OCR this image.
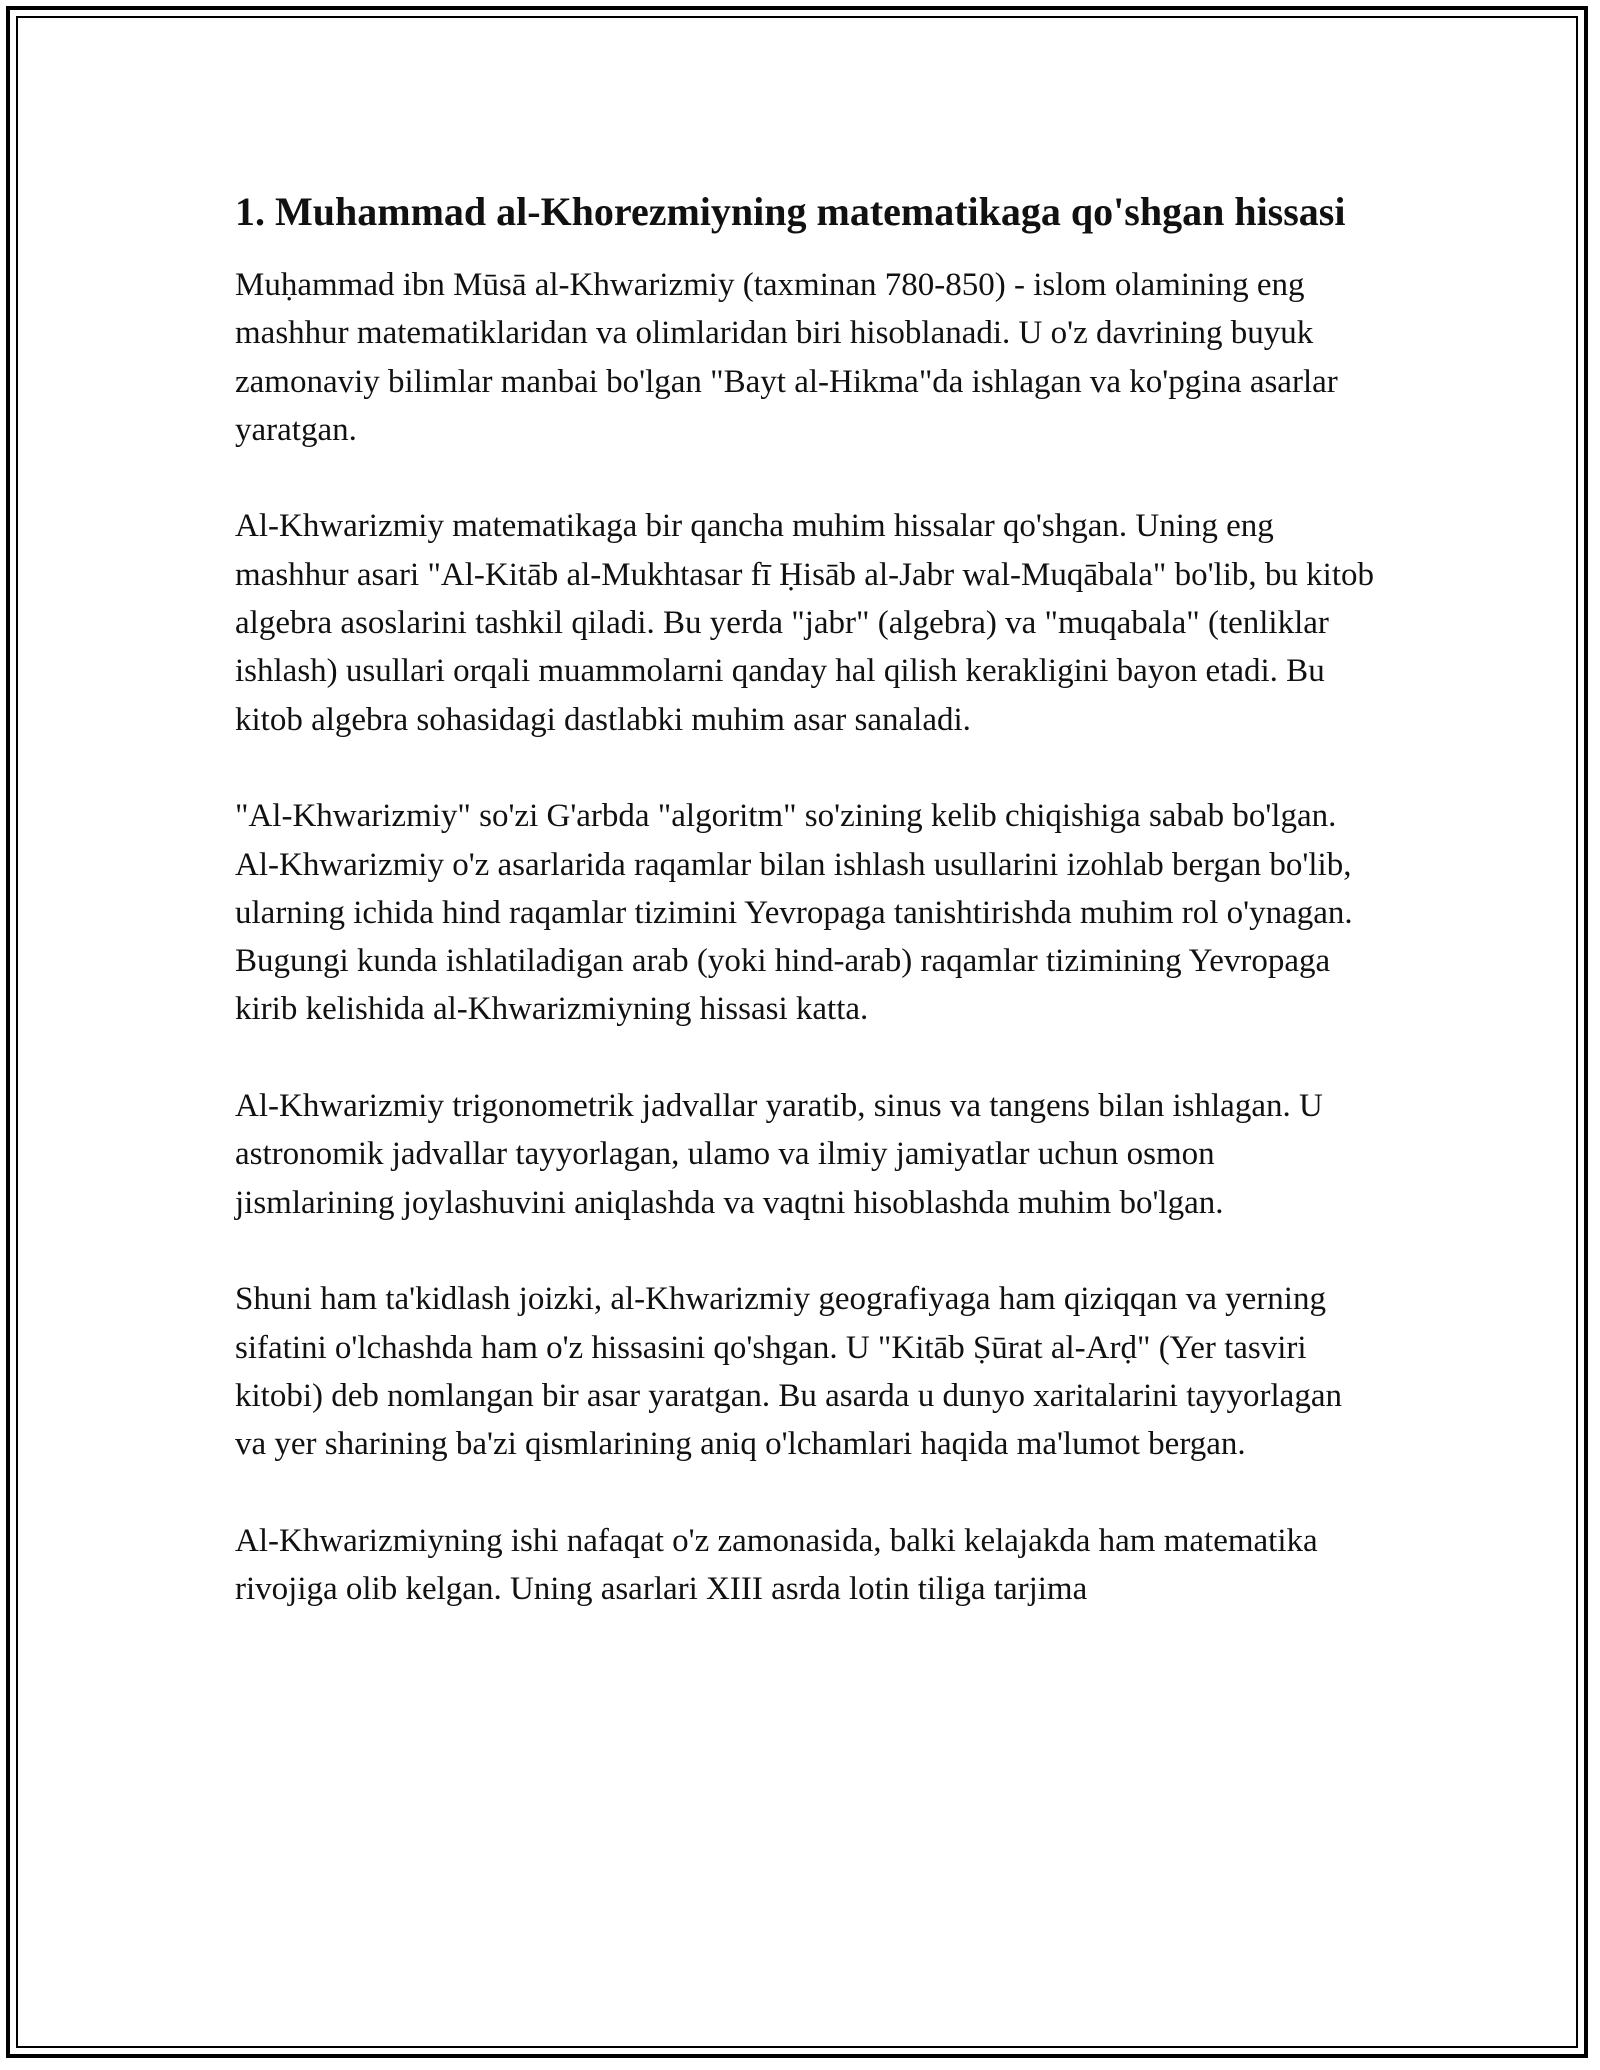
1. Muhammad al-Khorezmiyning matematikaga qo'shgan hissasi

Muḥammad ibn Mūsā al-Khwarizmiy (taxminan 780-850) - islom olamining eng mashhur matematiklaridan va olimlaridan biri hisoblanadi. U o'z davrining buyuk zamonaviy bilimlar manbai bo'lgan "Bayt al-Hikma"da ishlagan va ko'pgina asarlar yaratgan.

Al-Khwarizmiy matematikaga bir qancha muhim hissalar qo'shgan. Uning eng mashhur asari "Al-Kitāb al-Mukhtasar fī Ḥisāb al-Jabr wal-Muqābala" bo'lib, bu kitob algebra asoslarini tashkil qiladi. Bu yerda "jabr" (algebra) va "muqabala" (tenliklar ishlash) usullari orqali muammolarni qanday hal qilish kerakligini bayon etadi. Bu kitob algebra sohasidagi dastlabki muhim asar sanaladi.

"Al-Khwarizmiy" so'zi G'arbda "algoritm" so'zining kelib chiqishiga sabab bo'lgan. Al-Khwarizmiy o'z asarlarida raqamlar bilan ishlash usullarini izohlab bergan bo'lib, ularning ichida hind raqamlar tizimini Yevropaga tanishtirishda muhim rol o'ynagan. Bugungi kunda ishlatiladigan arab (yoki hind-arab) raqamlar tizimining Yevropaga kirib kelishida al-Khwarizmiyning hissasi katta.

Al-Khwarizmiy trigonometrik jadvallar yaratib, sinus va tangens bilan ishlagan. U astronomik jadvallar tayyorlagan, ulamo va ilmiy jamiyatlar uchun osmon jismlarining joylashuvini aniqlashda va vaqtni hisoblashda muhim bo'lgan.

Shuni ham ta'kidlash joizki, al-Khwarizmiy geografiyaga ham qiziqqan va yerning sifatini o'lchashda ham o'z hissasini qo'shgan. U "Kitāb Ṣūrat al-Arḍ" (Yer tasviri kitobi) deb nomlangan bir asar yaratgan. Bu asarda u dunyo xaritalarini tayyorlagan va yer sharining ba'zi qismlarining aniq o'lchamlari haqida ma'lumot bergan.

Al-Khwarizmiyning ishi nafaqat o'z zamonasida, balki kelajakda ham matematika rivojiga olib kelgan. Uning asarlari XIII asrda lotin tiliga tarjima
